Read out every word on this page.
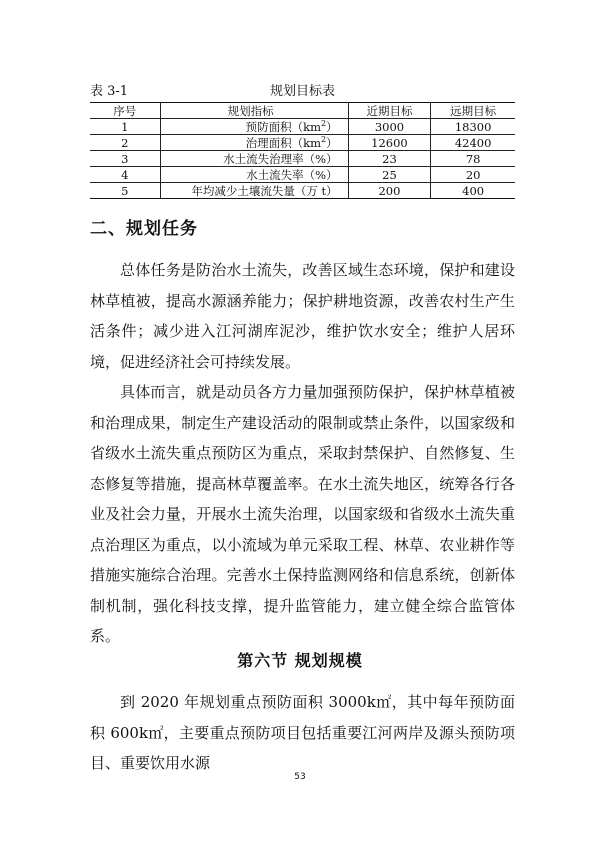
表 3-1	规划目标表
序号	规划指标	近期目标	远期目标
1	预防面积$(km^2)$	3000	18300
2	治理面积$(km^2)$	12600	42400
3	水土流失治理率（%）	23	78
4	水土流失率（%）	25	20
5	年均减少土壤流失量（万 t）	200	400
二、规划任务

总体任务是防治水土流失，改善区域生态环境，保护和建设林草植被，提高水源涵养能力；保护耕地资源，改善农村生产生活条件；减少进入江河湖库泥沙，维护饮水安全；维护人居环境，促进经济社会可持续发展。

具体而言，就是动员各方力量加强预防保护，保护林草植被和治理成果，制定生产建设活动的限制或禁止条件，以国家级和省级水土流失重点预防区为重点，采取封禁保护、自然修复、生态修复等措施，提高林草覆盖率。在水土流失地区，统筹各行各业及社会力量，开展水土流失治理，以国家级和省级水土流失重点治理区为重点，以小流域为单元采取工程、林草、农业耕作等措施实施综合治理。完善水土保持监测网络和信息系统，创新体制机制，强化科技支撑，提升监管能力，建立健全综合监管体系。

第六节 规划规模

到 2020 年规划重点预防面积 3000k㎡，其中每年预防面积 600k㎡，主要重点预防项目包括重要江河两岸及源头预防项目、重要饮用水源

53
